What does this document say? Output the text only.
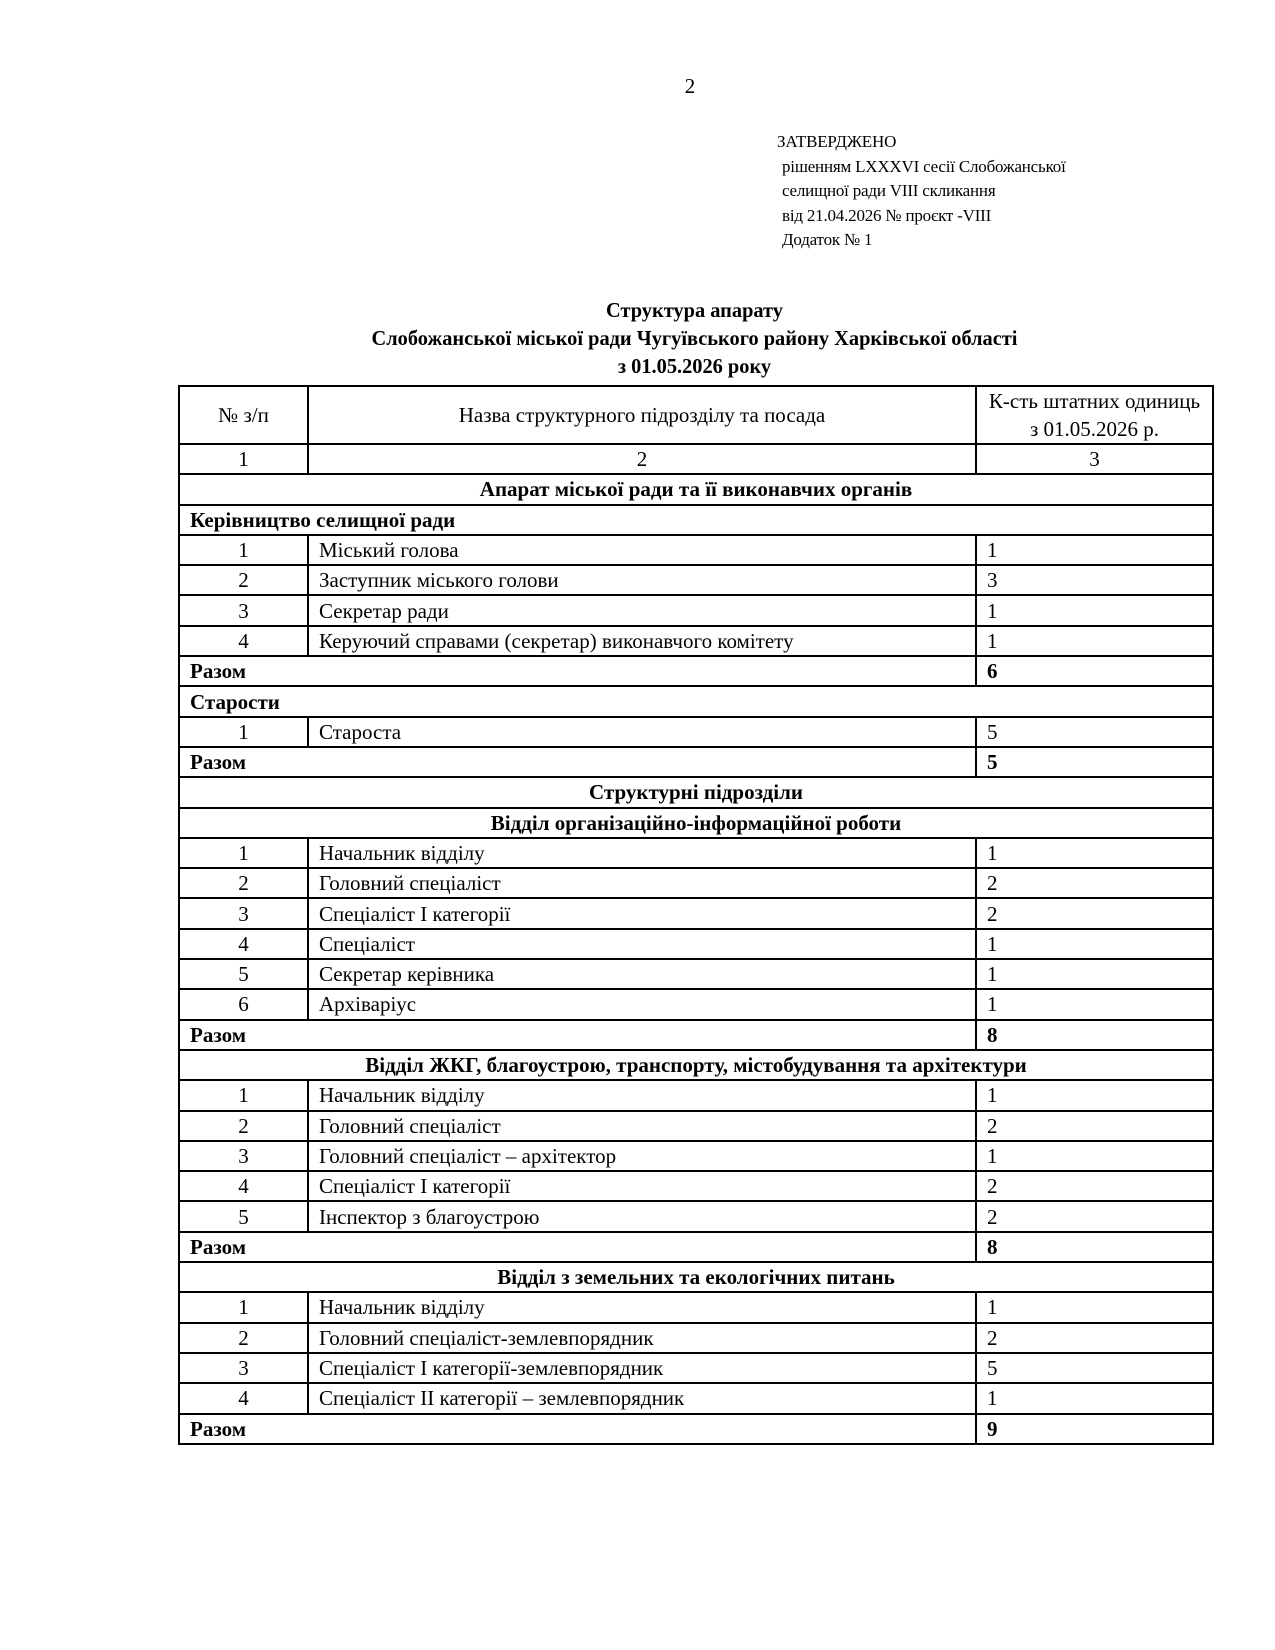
2
ЗАТВЕРДЖЕНО
рішенням LXXXVI сесії Слобожанської
селищної ради VIII скликання
від 21.04.2026 № проєкт -VIII
Додаток № 1
Структура апарату
Слобожанської міської ради Чугуївського району Харківської області
з 01.05.2026 року
№ з/п	Назва структурного підрозділу та посада	К-сть штатних одиниць з 01.05.2026 р.
1	2	3
Апарат міської ради та її виконавчих органів		
Керівництво селищної ради		
1	Міський голова	1
2	Заступник міського голови	3
3	Секретар ради	1
4	Керуючий справами (секретар) виконавчого комітету	1
Разом		6
Старости		
1	Староста	5
Разом		5
Структурні підрозділи		
Відділ організаційно-інформаційної роботи		
1	Начальник відділу	1
2	Головний спеціаліст	2
3	Спеціаліст І категорії	2
4	Спеціаліст	1
5	Секретар керівника	1
6	Архіваріус	1
Разом		8
Відділ ЖКГ, благоустрою, транспорту, містобудування та архітектури		
1	Начальник відділу	1
2	Головний спеціаліст	2
3	Головний спеціаліст – архітектор	1
4	Спеціаліст І категорії	2
5	Інспектор з благоустрою	2
Разом		8
Відділ з земельних та екологічних питань		
1	Начальник відділу	1
2	Головний спеціаліст-землевпорядник	2
3	Спеціаліст І категорії-землевпорядник	5
4	Спеціаліст ІІ категорії – землевпорядник	1
Разом		9
